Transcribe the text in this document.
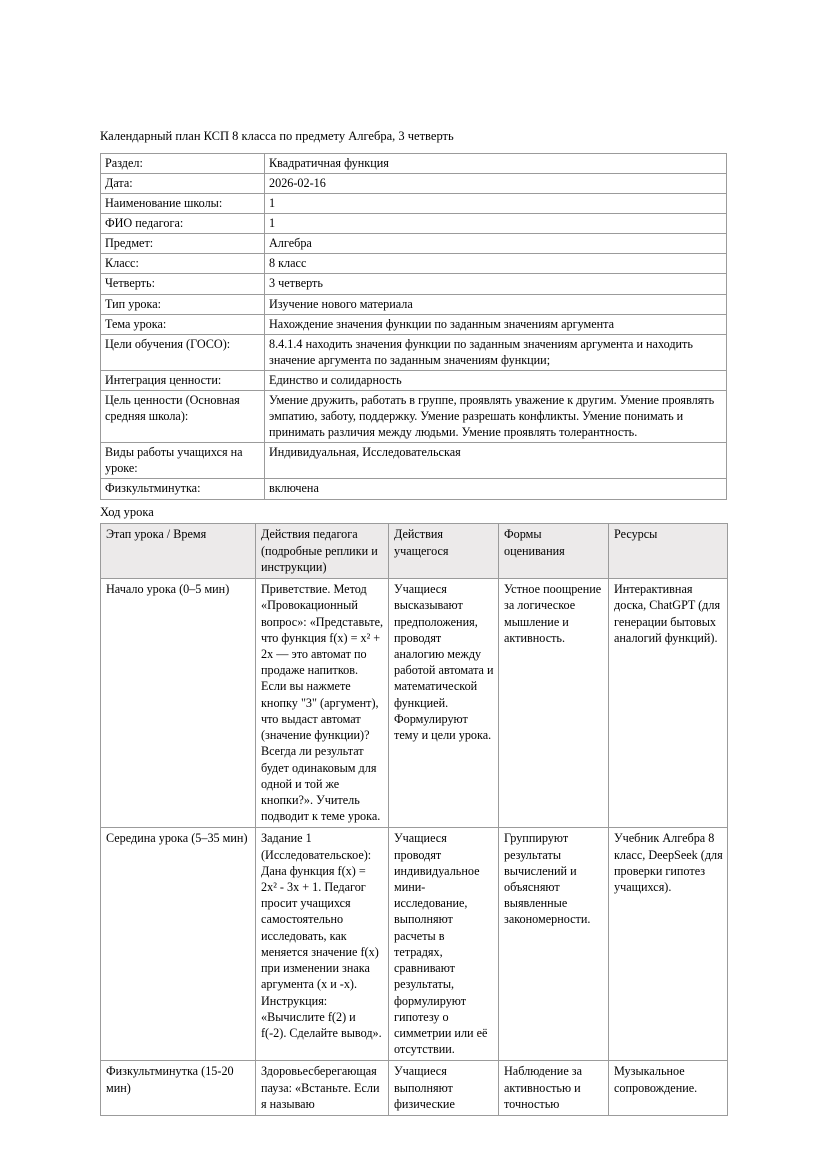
Календарный план КСП 8 класса по предмету Алгебра, 3 четверть
Раздел:	Квадратичная функция
Дата:	2026-02-16
Наименование школы:	1
ФИО педагога:	1
Предмет:	Алгебра
Класс:	8 класс
Четверть:	3 четверть
Тип урока:	Изучение нового материала
Тема урока:	Нахождение значения функции по заданным значениям аргумента
Цели обучения (ГОСО):	8.4.1.4 находить значения функции по заданным значениям аргумента и находить значение аргумента по заданным значениям функции;
Интеграция ценности:	Единство и солидарность
Цель ценности (Основная средняя школа):	Умение дружить, работать в группе, проявлять уважение к другим. Умение проявлять эмпатию, заботу, поддержку. Умение разрешать конфликты. Умение понимать и принимать различия между людьми. Умение проявлять толерантность.
Виды работы учащихся на уроке:	Индивидуальная, Исследовательская
Физкультминутка:	включена
Ход урока
Этап урока / Время	Действия педагога (подробные реплики и инструкции)	Действия учащегося	Формы оценивания	Ресурсы
Начало урока (0–5 мин)	Приветствие. Метод «Провокационный вопрос»: «Представьте, что функция f(x) = x² + 2x — это автомат по продаже напитков. Если вы нажмете кнопку "3" (аргумент), что выдаст автомат (значение функции)? Всегда ли результат будет одинаковым для одной и той же кнопки?». Учитель подводит к теме урока.	Учащиеся высказывают предположения, проводят аналогию между работой автомата и математической функцией. Формулируют тему и цели урока.	Устное поощрение за логическое мышление и активность.	Интерактивная доска, ChatGPT (для генерации бытовых аналогий функций).
Середина урока (5–35 мин)	Задание 1 (Исследовательское): Дана функция f(x) = 2x² - 3x + 1. Педагог просит учащихся самостоятельно исследовать, как меняется значение f(x) при изменении знака аргумента (x и -x). Инструкция: «Вычислите f(2) и f(-2). Сделайте вывод».	Учащиеся проводят индивидуальное мини-исследование, выполняют расчеты в тетрадях, сравнивают результаты, формулируют гипотезу о симметрии или её отсутствии.	Группируют результаты вычислений и объясняют выявленные закономерности.	Учебник Алгебра 8 класс, DeepSeek (для проверки гипотез учащихся).
Физкультминутка (15-20 мин)	Здоровьесберегающая пауза: «Встаньте. Если я называю	Учащиеся выполняют физические	Наблюдение за активностью и точностью	Музыкальное сопровождение.
